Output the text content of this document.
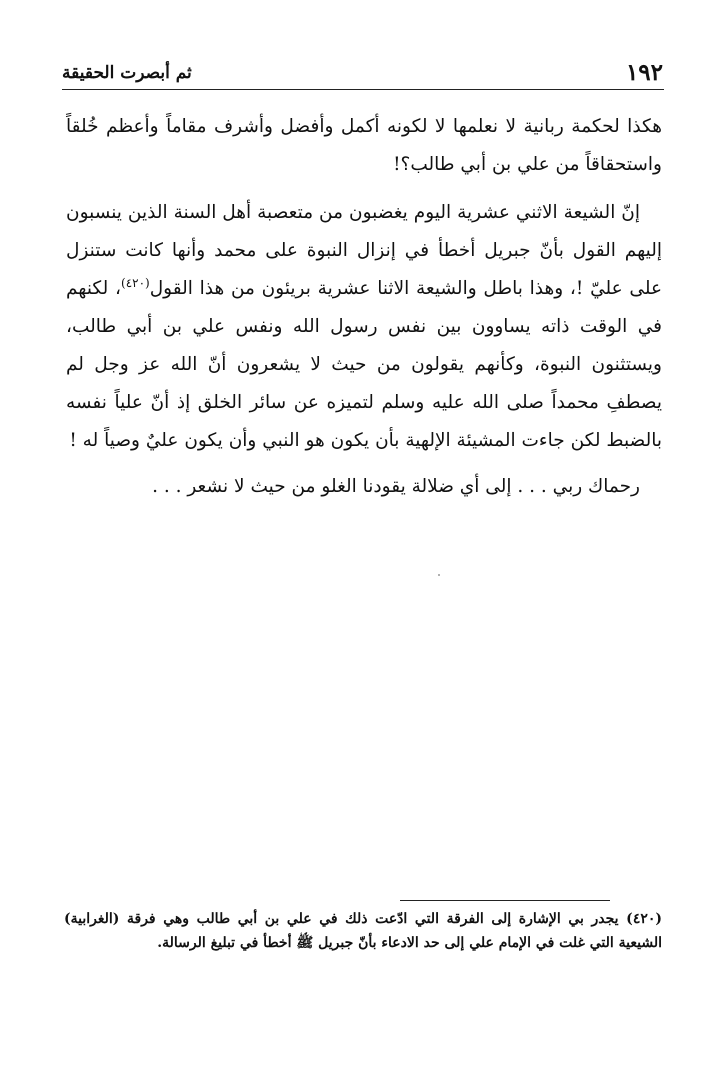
١٩٢
ثم أبصرت الحقيقة

هكذا لحكمة ربانية لا نعلمها لا لكونه أكمل وأفضل وأشرف مقاماً وأعظم خُلقاً واستحقاقاً من علي بن أبي طالب؟!

إنّ الشيعة الاثني عشرية اليوم يغضبون من متعصبة أهل السنة الذين ينسبون إليهم القول بأنّ جبريل أخطأ في إنزال النبوة على محمد وأنها كانت ستنزل على عليّ !، وهذا باطل والشيعة الاثنا عشرية بريئون من هذا القول$^{(٤٢٠)}$، لكنهم في الوقت ذاته يساوون بين نفس رسول الله ونفس علي بن أبي طالب، ويستثنون النبوة، وكأنهم يقولون من حيث لا يشعرون أنّ الله عز وجل لم يصطفِ محمداً صلى الله عليه وسلم لتميزه عن سائر الخلق إذ أنّ علياً نفسه بالضبط لكن جاءت المشيئة الإلهية بأن يكون هو النبي وأن يكون عليٌ وصياً له !

رحماك ربي . . . إلى أي ضلالة يقودنا الغلو من حيث لا نشعر . . .

(٤٢٠) يجدر بي الإشارة إلى الفرقة التي ادّعت ذلك في علي بن أبي طالب وهي فرقة (الغرابية) الشيعية التي غلت في الإمام علي إلى حد الادعاء بأنّ جبريل ﷺ أخطأ في تبليغ الرسالة.
